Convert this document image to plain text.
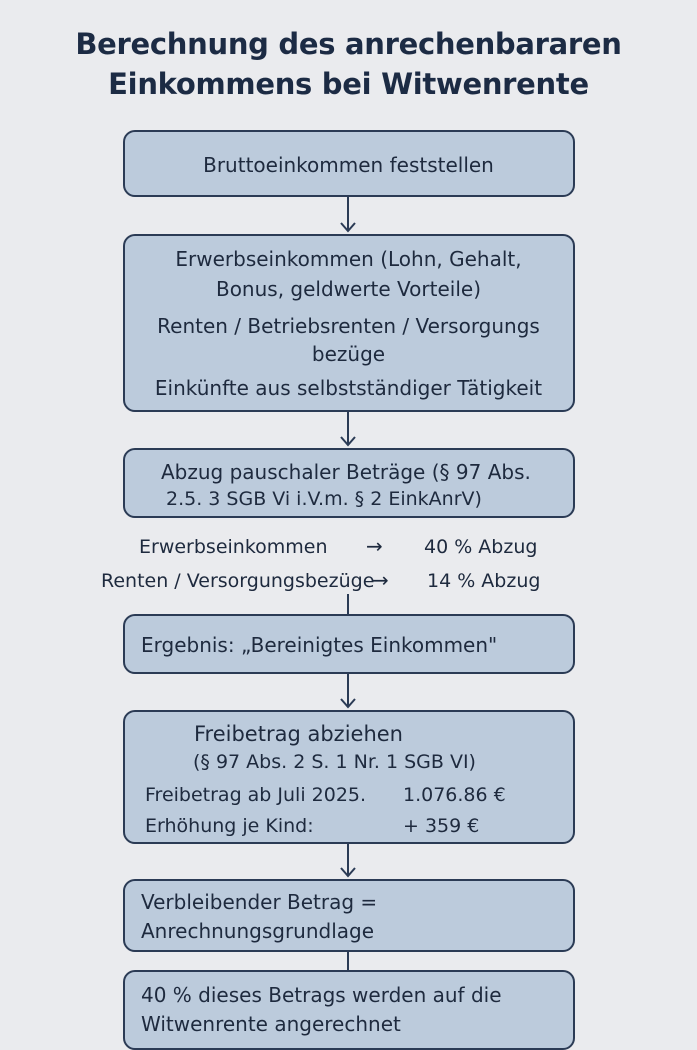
Berechnung des anrechenbararen
Einkommens bei Witwenrente
Bruttoeinkommen feststellen
Erwerbseinkommen (Lohn, Gehalt,
Bonus, geldwerte Vorteile)
Renten / Betriebsrenten / Versorgungs
bezüge
Einkünfte aus selbstständiger Tätigkeit
Abzug pauschaler Beträge (§ 97 Abs.
2.5. 3 SGB Vi i.V.m. § 2 EinkAnrV)
Erwerbseinkommen → 40 % Abzug
Renten / Versorgungsbezüge
→ 14 % Abzug
Ergebnis: „Bereinigtes Einkommen"
Freibetrag abziehen
(§ 97 Abs. 2 S. 1 Nr. 1 SGB VI)
Freibetrag ab Juli 2025. 1.076.86 €
Erhöhung je Kind:	+ 359 €
Verbleibender Betrag =
Anrechnungsgrundlage
40 % dieses Betrags werden auf die
Witwenrente angerechnet
